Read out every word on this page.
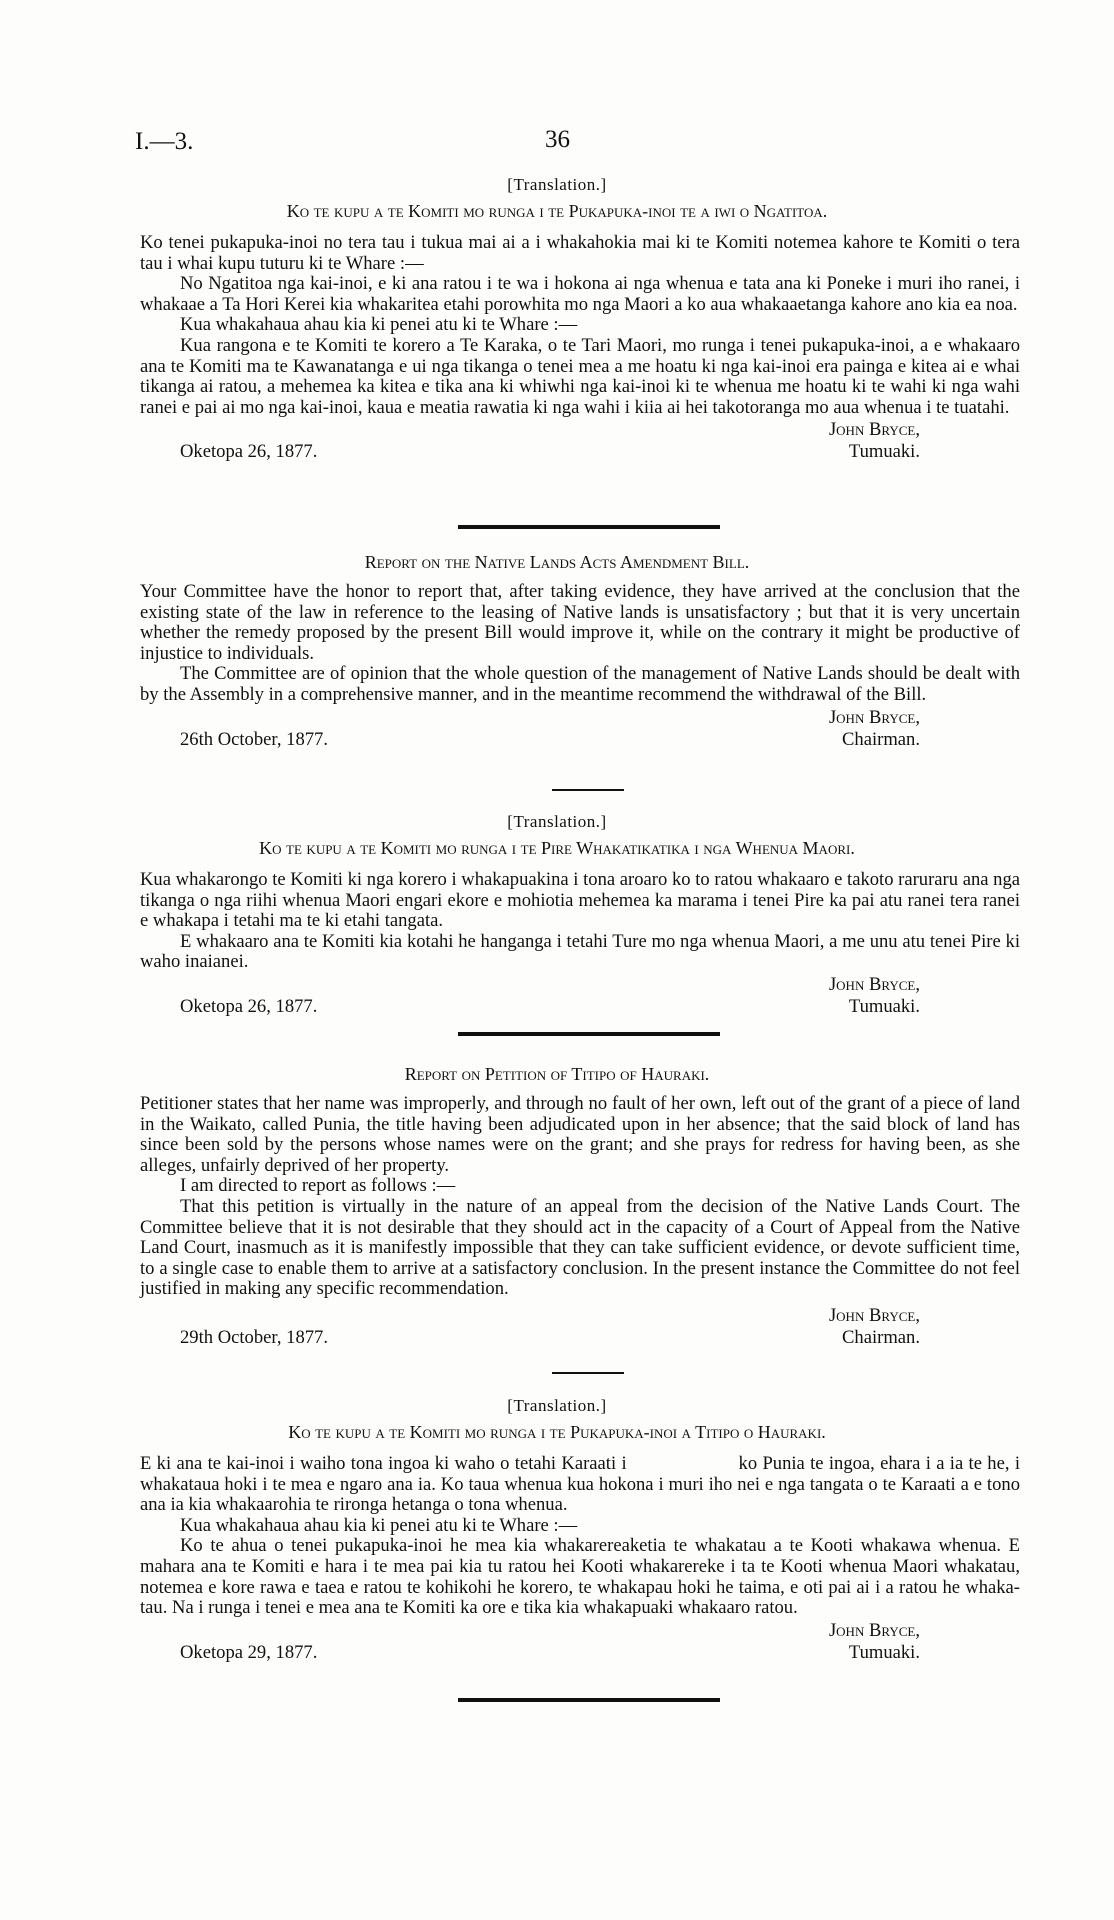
I.—3.	36
[Translation.]
Ko te kupu a te Komiti mo runga i te Pukapuka-inoi te a iwi o Ngatitoa.

Ko tenei pukapuka-inoi no tera tau i tukua mai ai a i whakahokia mai ki te Komiti notemea kahore te Komiti o tera tau i whai kupu tuturu ki te Whare :—

No Ngatitoa nga kai-inoi, e ki ana ratou i te wa i hokona ai nga whenua e tata ana ki Poneke i muri iho ranei, i whakaae a Ta Hori Kerei kia whakaritea etahi porowhita mo nga Maori a ko aua whakaaetanga kahore ano kia ea noa.

Kua whakahaua ahau kia ki penei atu ki te Whare :—

Kua rangona e te Komiti te korero a Te Karaka, o te Tari Maori, mo runga i tenei pukapuka-inoi, a e whakaaro ana te Komiti ma te Kawanatanga e ui nga tikanga o tenei mea a me hoatu ki nga kai-inoi era painga e kitea ai e whai tikanga ai ratou, a mehemea ka kitea e tika ana ki whiwhi nga kai-inoi ki te whenua me hoatu ki te wahi ki nga wahi ranei e pai ai mo nga kai-inoi, kaua e meatia rawatia ki nga wahi i kiia ai hei takotoranga mo aua whenua i te tuatahi.

John Bryce,
Tumuaki.
Oketopa 26, 1877.
Report on the Native Lands Acts Amendment Bill.

Your Committee have the honor to report that, after taking evidence, they have arrived at the conclusion that the existing state of the law in reference to the leasing of Native lands is unsatisfactory ; but that it is very uncertain whether the remedy proposed by the present Bill would improve it, while on the contrary it might be productive of injustice to individuals.

The Committee are of opinion that the whole question of the management of Native Lands should be dealt with by the Assembly in a comprehensive manner, and in the meantime recommend the withdrawal of the Bill.

John Bryce,
Chairman.
26th October, 1877.
[Translation.]
Ko te kupu a te Komiti mo runga i te Pire Whakatikatika i nga Whenua Maori.

Kua whakarongo te Komiti ki nga korero i whakapuakina i tona aroaro ko to ratou whakaaro e takoto raruraru ana nga tikanga o nga riihi whenua Maori engari ekore e mohiotia mehemea ka marama i tenei Pire ka pai atu ranei tera ranei e whakapa i tetahi ma te ki etahi tangata.

E whakaaro ana te Komiti kia kotahi he hanganga i tetahi Ture mo nga whenua Maori, a me unu atu tenei Pire ki waho inaianei.

John Bryce,
Tumuaki.
Oketopa 26, 1877.
Report on Petition of Titipo of Hauraki.

Petitioner states that her name was improperly, and through no fault of her own, left out of the grant of a piece of land in the Waikato, called Punia, the title having been adjudicated upon in her absence; that the said block of land has since been sold by the persons whose names were on the grant; and she prays for redress for having been, as she alleges, unfairly deprived of her property.

I am directed to report as follows :—

That this petition is virtually in the nature of an appeal from the decision of the Native Lands Court. The Committee believe that it is not desirable that they should act in the capacity of a Court of Appeal from the Native Land Court, inasmuch as it is manifestly impossible that they can take sufficient evidence, or devote sufficient time, to a single case to enable them to arrive at a satisfactory conclusion. In the present instance the Committee do not feel justified in making any specific recommendation.

John Bryce,
Chairman.
29th October, 1877.
[Translation.]
Ko te kupu a te Komiti mo runga i te Pukapuka-inoi a Titipo o Hauraki.

E ki ana te kai-inoi i waiho tona ingoa ki waho o tetahi Karaati i                     ko Punia te ingoa, ehara i a ia te he, i whakataua hoki i te mea e ngaro ana ia. Ko taua whenua kua hokona i muri iho nei e nga tangata o te Karaati a e tono ana ia kia whakaarohia te rironga hetanga o tona whenua.

Kua whakahaua ahau kia ki penei atu ki te Whare :—

Ko te ahua o tenei pukapuka-inoi he mea kia whakarereaketia te whakatau a te Kooti whakawa whenua. E mahara ana te Komiti e hara i te mea pai kia tu ratou hei Kooti whakarereke i ta te Kooti whenua Maori whakatau, notemea e kore rawa e taea e ratou te kohikohi he korero, te whakapau hoki he taima, e oti pai ai i a ratou he whaka-tau. Na i runga i tenei e mea ana te Komiti ka ore e tika kia whakapuaki whakaaro ratou.

John Bryce,
Tumuaki.
Oketopa 29, 1877.
